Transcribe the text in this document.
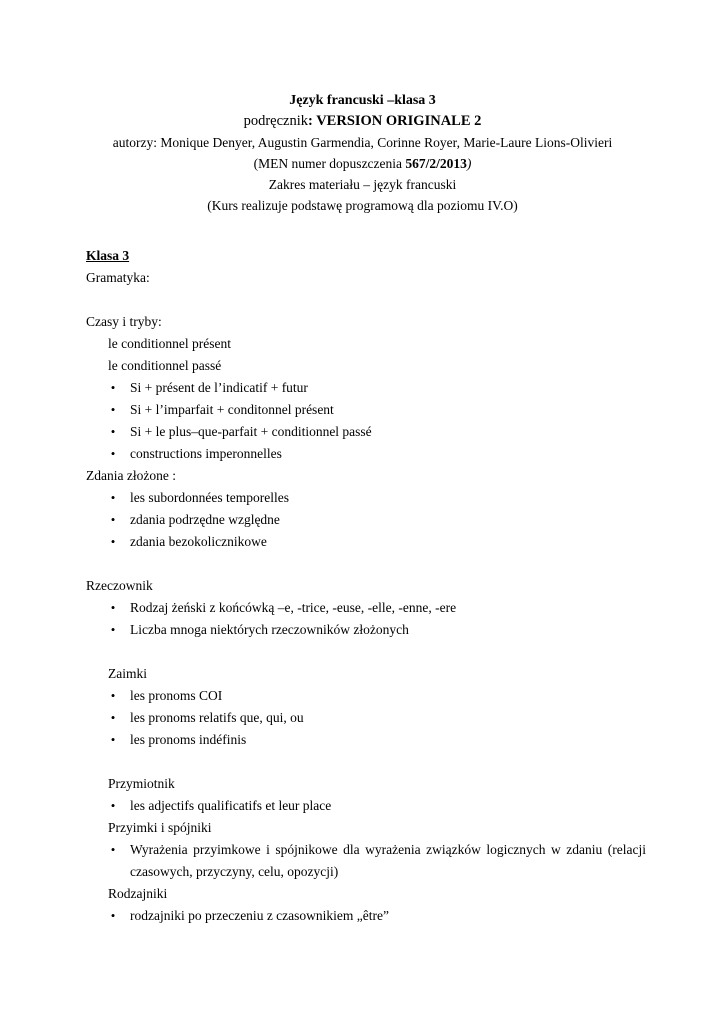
Język francuski –klasa 3
podręcznik: VERSION ORIGINALE 2
autorzy: Monique Denyer, Augustin Garmendia, Corinne Royer, Marie-Laure Lions-Olivieri
(MEN numer dopuszczenia 567/2/2013)
Zakres materiału – język francuski
(Kurs realizuje podstawę programową dla poziomu IV.O)
Klasa 3
Gramatyka:
Czasy i tryby:
le conditionnel présent
le conditionnel passé
• Si + présent de l’indicatif + futur
• Si + l’imparfait + conditonnel présent
• Si + le plus–que-parfait + conditionnel passé
• constructions imperonnelles
Zdania złożone :
• les subordonnées temporelles
• zdania podrzędne względne
• zdania bezokolicznikowe
Rzeczownik
• Rodzaj żeński z końcówką –e, -trice, -euse, -elle, -enne, -ere
• Liczba mnoga niektórych rzeczowników złożonych
Zaimki
• les pronoms COI
• les pronoms relatifs que, qui, ou
• les pronoms indéfinis
Przymiotnik
• les adjectifs qualificatifs et leur place
Przyimki i spójniki
• Wyrażenia przyimkowe i spójnikowe dla wyrażenia związków logicznych w zdaniu (relacji czasowych, przyczyny, celu, opozycji)
Rodzajniki
• rodzajniki po przeczeniu z czasownikiem „être”
